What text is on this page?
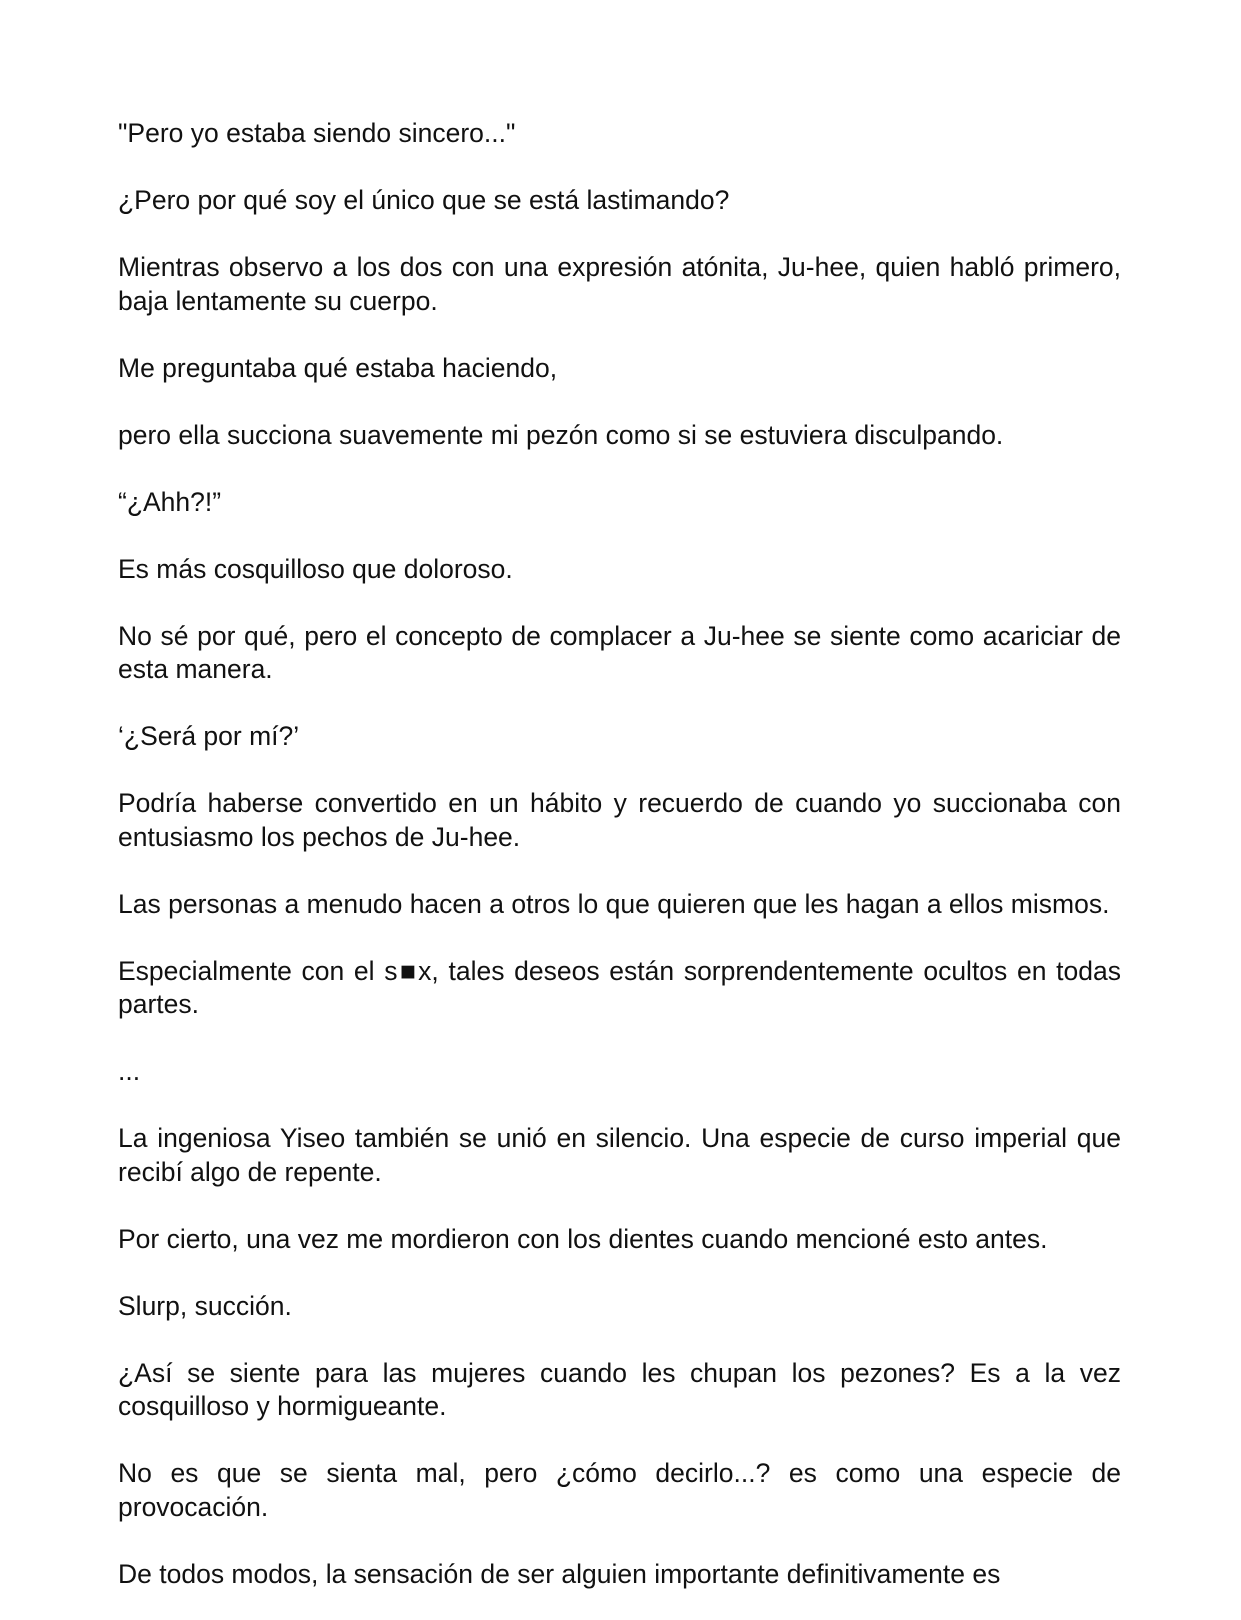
"Pero yo estaba siendo sincero..."

¿Pero por qué soy el único que se está lastimando?

Mientras observo a los dos con una expresión atónita, Ju-hee, quien habló primero, baja lentamente su cuerpo.

Me preguntaba qué estaba haciendo,

pero ella succiona suavemente mi pezón como si se estuviera disculpando.

“¿Ahh?!”

Es más cosquilloso que doloroso.

No sé por qué, pero el concepto de complacer a Ju-hee se siente como acariciar de esta manera.

‘¿Será por mí?’

Podría haberse convertido en un hábito y recuerdo de cuando yo succionaba con entusiasmo los pechos de Ju-hee.

Las personas a menudo hacen a otros lo que quieren que les hagan a ellos mismos.

Especialmente con el s■x, tales deseos están sorprendentemente ocultos en todas partes.

...

La ingeniosa Yiseo también se unió en silencio. Una especie de curso imperial que recibí algo de repente.

Por cierto, una vez me mordieron con los dientes cuando mencioné esto antes.

Slurp, succión.

¿Así se siente para las mujeres cuando les chupan los pezones? Es a la vez cosquilloso y hormigueante.

No es que se sienta mal, pero ¿cómo decirlo...? es como una especie de provocación.

De todos modos, la sensación de ser alguien importante definitivamente es
